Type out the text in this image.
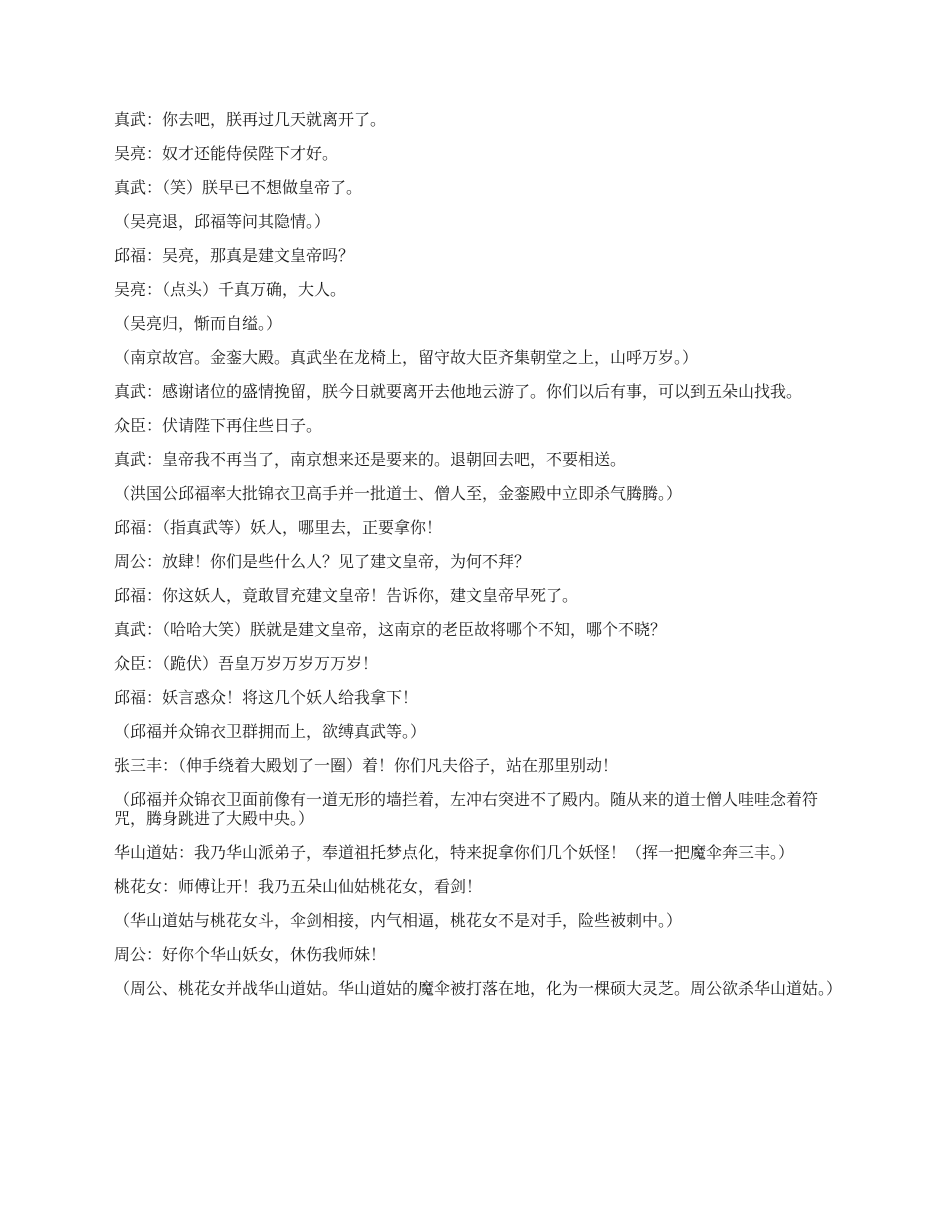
真武：你去吧，朕再过几天就离开了。

吴亮：奴才还能侍侯陛下才好。

真武：（笑）朕早已不想做皇帝了。

（吴亮退，邱福等问其隐情。）

邱福：吴亮，那真是建文皇帝吗？

吴亮：（点头）千真万确，大人。

（吴亮归，惭而自缢。）

（南京故宫。金銮大殿。真武坐在龙椅上，留守故大臣齐集朝堂之上，山呼万岁。）

真武：感谢诸位的盛情挽留，朕今日就要离开去他地云游了。你们以后有事，可以到五朵山找我。

众臣：伏请陛下再住些日子。

真武：皇帝我不再当了，南京想来还是要来的。退朝回去吧，不要相送。

（洪国公邱福率大批锦衣卫高手并一批道士、僧人至，金銮殿中立即杀气腾腾。）

邱福：（指真武等）妖人，哪里去，正要拿你！

周公：放肆！你们是些什么人？见了建文皇帝，为何不拜？

邱福：你这妖人，竟敢冒充建文皇帝！告诉你，建文皇帝早死了。

真武：（哈哈大笑）朕就是建文皇帝，这南京的老臣故将哪个不知，哪个不晓？

众臣：（跪伏）吾皇万岁万岁万万岁！

邱福：妖言惑众！将这几个妖人给我拿下！

（邱福并众锦衣卫群拥而上，欲缚真武等。）

张三丰：（伸手绕着大殿划了一圈）着！你们凡夫俗子，站在那里别动！

（邱福并众锦衣卫面前像有一道无形的墙拦着，左冲右突进不了殿内。随从来的道士僧人哇哇念着符咒，腾身跳进了大殿中央。）

华山道姑：我乃华山派弟子，奉道祖托梦点化，特来捉拿你们几个妖怪！（挥一把魔伞奔三丰。）

桃花女：师傅让开！我乃五朵山仙姑桃花女，看剑！

（华山道姑与桃花女斗，伞剑相接，内气相逼，桃花女不是对手，险些被刺中。）

周公：好你个华山妖女，休伤我师妹！

（周公、桃花女并战华山道姑。华山道姑的魔伞被打落在地，化为一棵硕大灵芝。周公欲杀华山道姑。）
